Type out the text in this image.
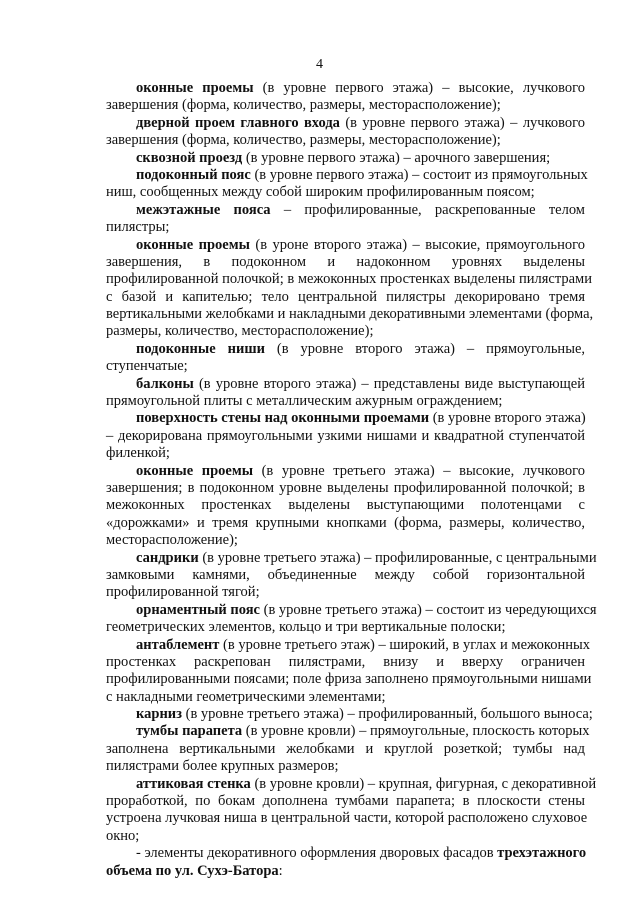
4
оконные проемы (в уровне первого этажа) – высокие, лучкового
завершения (форма, количество, размеры, месторасположение);
дверной проем главного входа (в уровне первого этажа) – лучкового
завершения (форма, количество, размеры, месторасположение);
сквозной проезд (в уровне первого этажа) – арочного завершения;
подоконный пояс (в уровне первого этажа) – состоит из прямоугольных
ниш, сообщенных между собой широким профилированным поясом;
межэтажные пояса – профилированные, раскрепованные телом
пилястры;
оконные проемы (в уроне второго этажа) – высокие, прямоугольного
завершения, в подоконном и надоконном уровнях выделены
профилированной полочкой; в межоконных простенках выделены пилястрами
с базой и капителью; тело центральной пилястры декорировано тремя
вертикальными желобками и накладными декоративными элементами (форма,
размеры, количество, месторасположение);
подоконные ниши (в уровне второго этажа) – прямоугольные,
ступенчатые;
балконы (в уровне второго этажа) – представлены виде выступающей
прямоугольной плиты с металлическим ажурным ограждением;
поверхность стены над оконными проемами (в уровне второго этажа)
– декорирована прямоугольными узкими нишами и квадратной ступенчатой
филенкой;
оконные проемы (в уровне третьего этажа) – высокие, лучкового
завершения; в подоконном уровне выделены профилированной полочкой; в
межоконных простенках выделены выступающими полотенцами с
«дорожками» и тремя крупными кнопками (форма, размеры, количество,
месторасположение);
сандрики (в уровне третьего этажа) – профилированные, с центральными
замковыми камнями, объединенные между собой горизонтальной
профилированной тягой;
орнаментный пояс (в уровне третьего этажа) – состоит из чередующихся
геометрических элементов, кольцо и три вертикальные полоски;
антаблемент (в уровне третьего этаж) – широкий, в углах и межоконных
простенках раскрепован пилястрами, внизу и вверху ограничен
профилированными поясами; поле фриза заполнено прямоугольными нишами
с накладными геометрическими элементами;
карниз (в уровне третьего этажа) – профилированный, большого выноса;
тумбы парапета (в уровне кровли) – прямоугольные, плоскость которых
заполнена вертикальными желобками и круглой розеткой; тумбы над
пилястрами более крупных размеров;
аттиковая стенка (в уровне кровли) – крупная, фигурная, с декоративной
проработкой, по бокам дополнена тумбами парапета; в плоскости стены
устроена лучковая ниша в центральной части, которой расположено слуховое
окно;
- элементы декоративного оформления дворовых фасадов трехэтажного
объема по ул. Сухэ-Батора:
